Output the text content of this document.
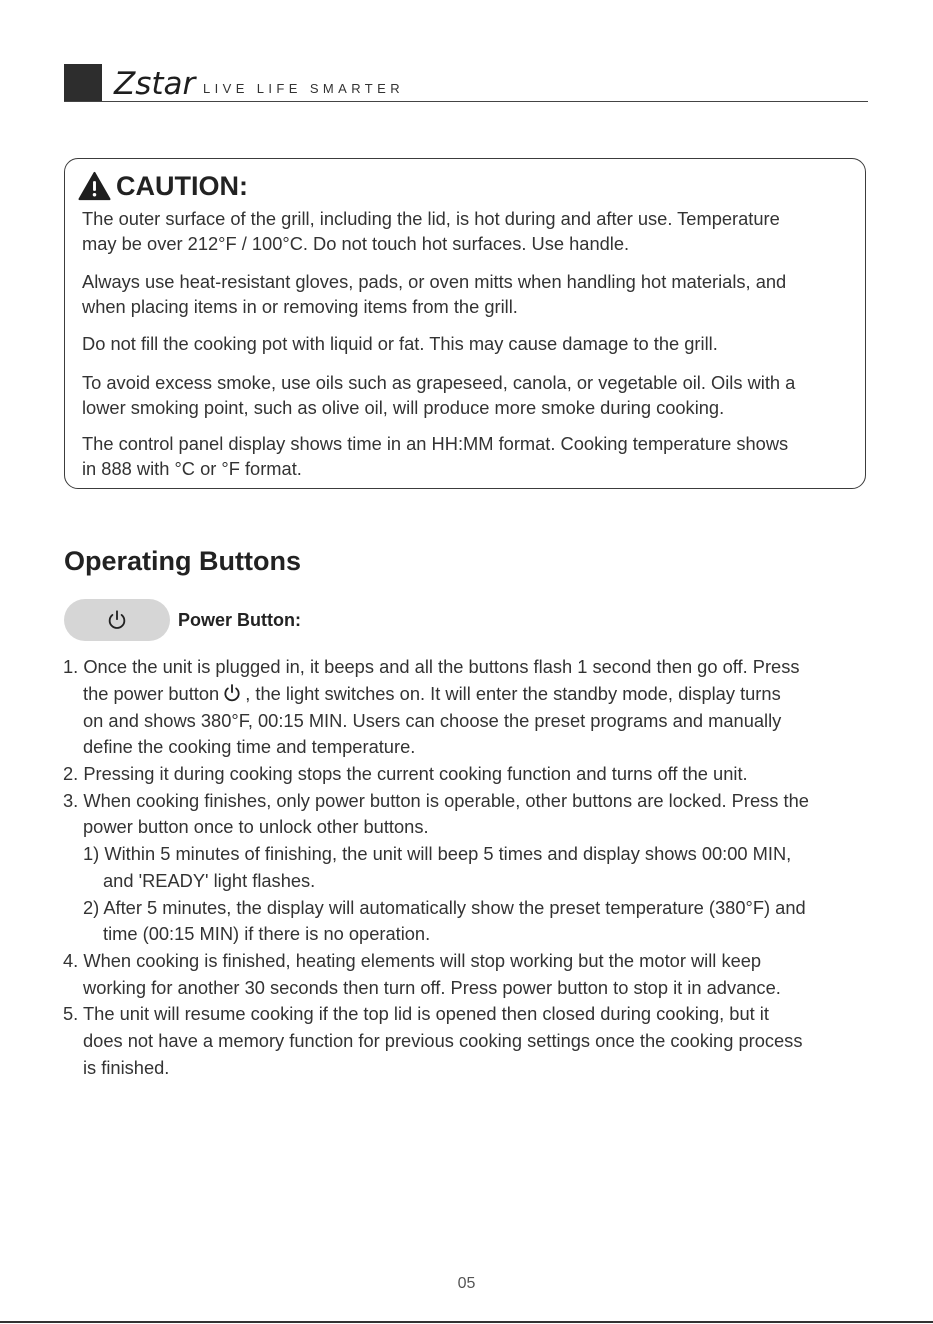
Zstar LIVE LIFE SMARTER
CAUTION:
The outer surface of the grill, including the lid, is hot during and after use. Temperature
may be over 212°F / 100°C. Do not touch hot surfaces. Use handle.
Always use heat-resistant gloves, pads, or oven mitts when handling hot materials, and
when placing items in or removing items from the grill.
Do not fill the cooking pot with liquid or fat. This may cause damage to the grill.
To avoid excess smoke, use oils such as grapeseed, canola, or vegetable oil. Oils with a
lower smoking point, such as olive oil, will produce more smoke during cooking.
The control panel display shows time in an HH:MM format. Cooking temperature shows
in 888 with °C or °F format.
Operating Buttons
Power Button:
1. Once the unit is plugged in, it beeps and all the buttons flash 1 second then go off. Press
the power button , the light switches on. It will enter the standby mode, display turns
on and shows 380°F, 00:15 MIN. Users can choose the preset programs and manually
define the cooking time and temperature.
2. Pressing it during cooking stops the current cooking function and turns off the unit.
3. When cooking finishes, only power button is operable, other buttons are locked. Press the
power button once to unlock other buttons.
1) Within 5 minutes of finishing, the unit will beep 5 times and display shows 00:00 MIN,
and 'READY' light flashes.
2) After 5 minutes, the display will automatically show the preset temperature (380°F) and
time (00:15 MIN) if there is no operation.
4. When cooking is finished, heating elements will stop working but the motor will keep
working for another 30 seconds then turn off. Press power button to stop it in advance.
5. The unit will resume cooking if the top lid is opened then closed during cooking, but it
does not have a memory function for previous cooking settings once the cooking process
is finished.
05
